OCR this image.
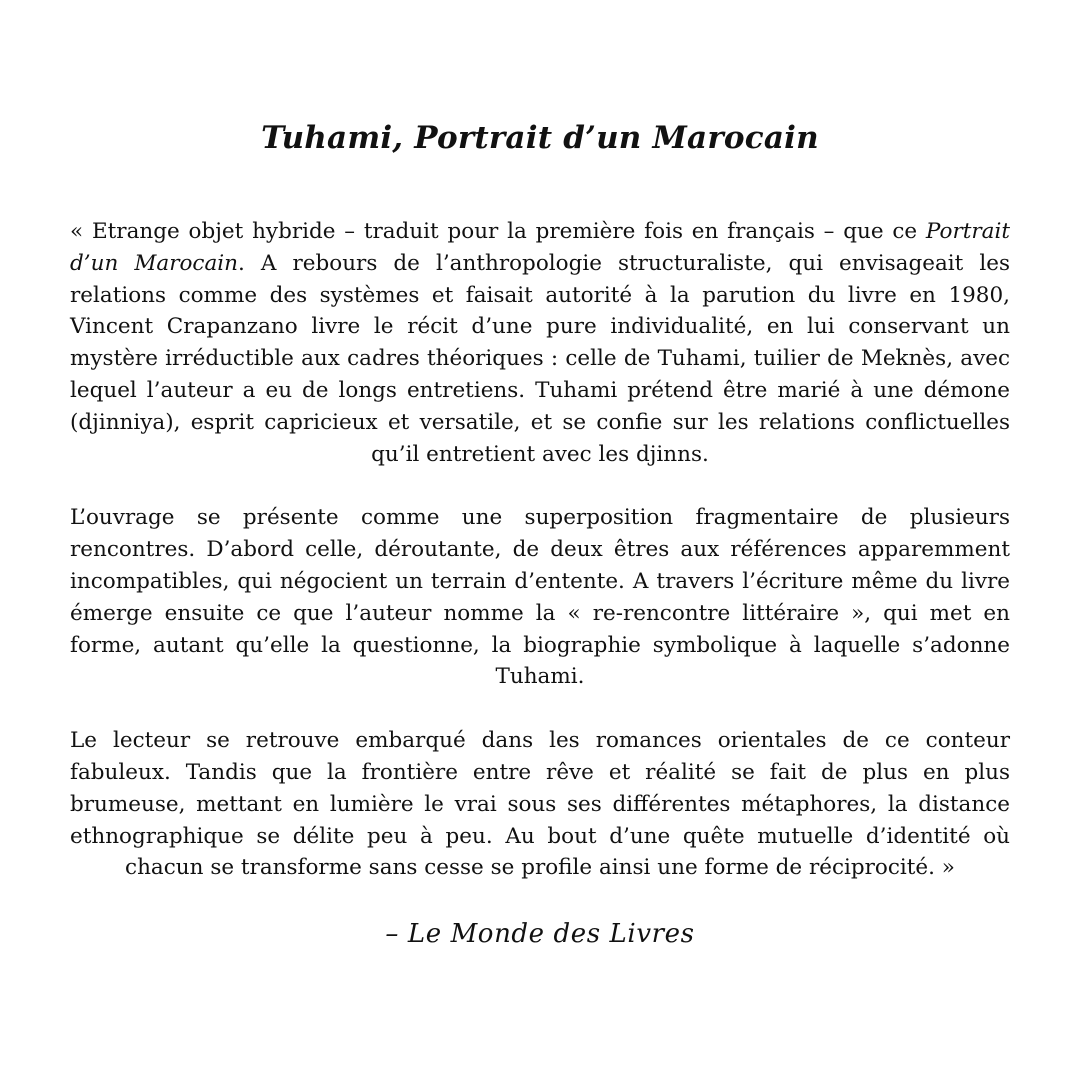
Tuhami, Portrait d’un Marocain

« Etrange objet hybride – traduit pour la première fois en français – que ce Portrait d’un Marocain. A rebours de l’anthropologie structuraliste, qui envisageait les relations comme des systèmes et faisait autorité à la parution du livre en 1980, Vincent Crapanzano livre le récit d’une pure individualité, en lui conservant un mystère irréductible aux cadres théoriques : celle de Tuhami, tuilier de Meknès, avec lequel l’auteur a eu de longs entretiens. Tuhami prétend être marié à une démone (djinniya), esprit capricieux et versatile, et se confie sur les relations conflictuelles qu’il entretient avec les djinns.

L’ouvrage se présente comme une superposition fragmentaire de plusieurs rencontres. D’abord celle, déroutante, de deux êtres aux références apparemment incompatibles, qui négocient un terrain d’entente. A travers l’écriture même du livre émerge ensuite ce que l’auteur nomme la « re-rencontre littéraire », qui met en forme, autant qu’elle la questionne, la biographie symbolique à laquelle s’adonne Tuhami.

Le lecteur se retrouve embarqué dans les romances orientales de ce conteur fabuleux. Tandis que la frontière entre rêve et réalité se fait de plus en plus brumeuse, mettant en lumière le vrai sous ses différentes métaphores, la distance ethnographique se délite peu à peu. Au bout d’une quête mutuelle d’identité où chacun se transforme sans cesse se profile ainsi une forme de réciprocité. »

– Le Monde des Livres
